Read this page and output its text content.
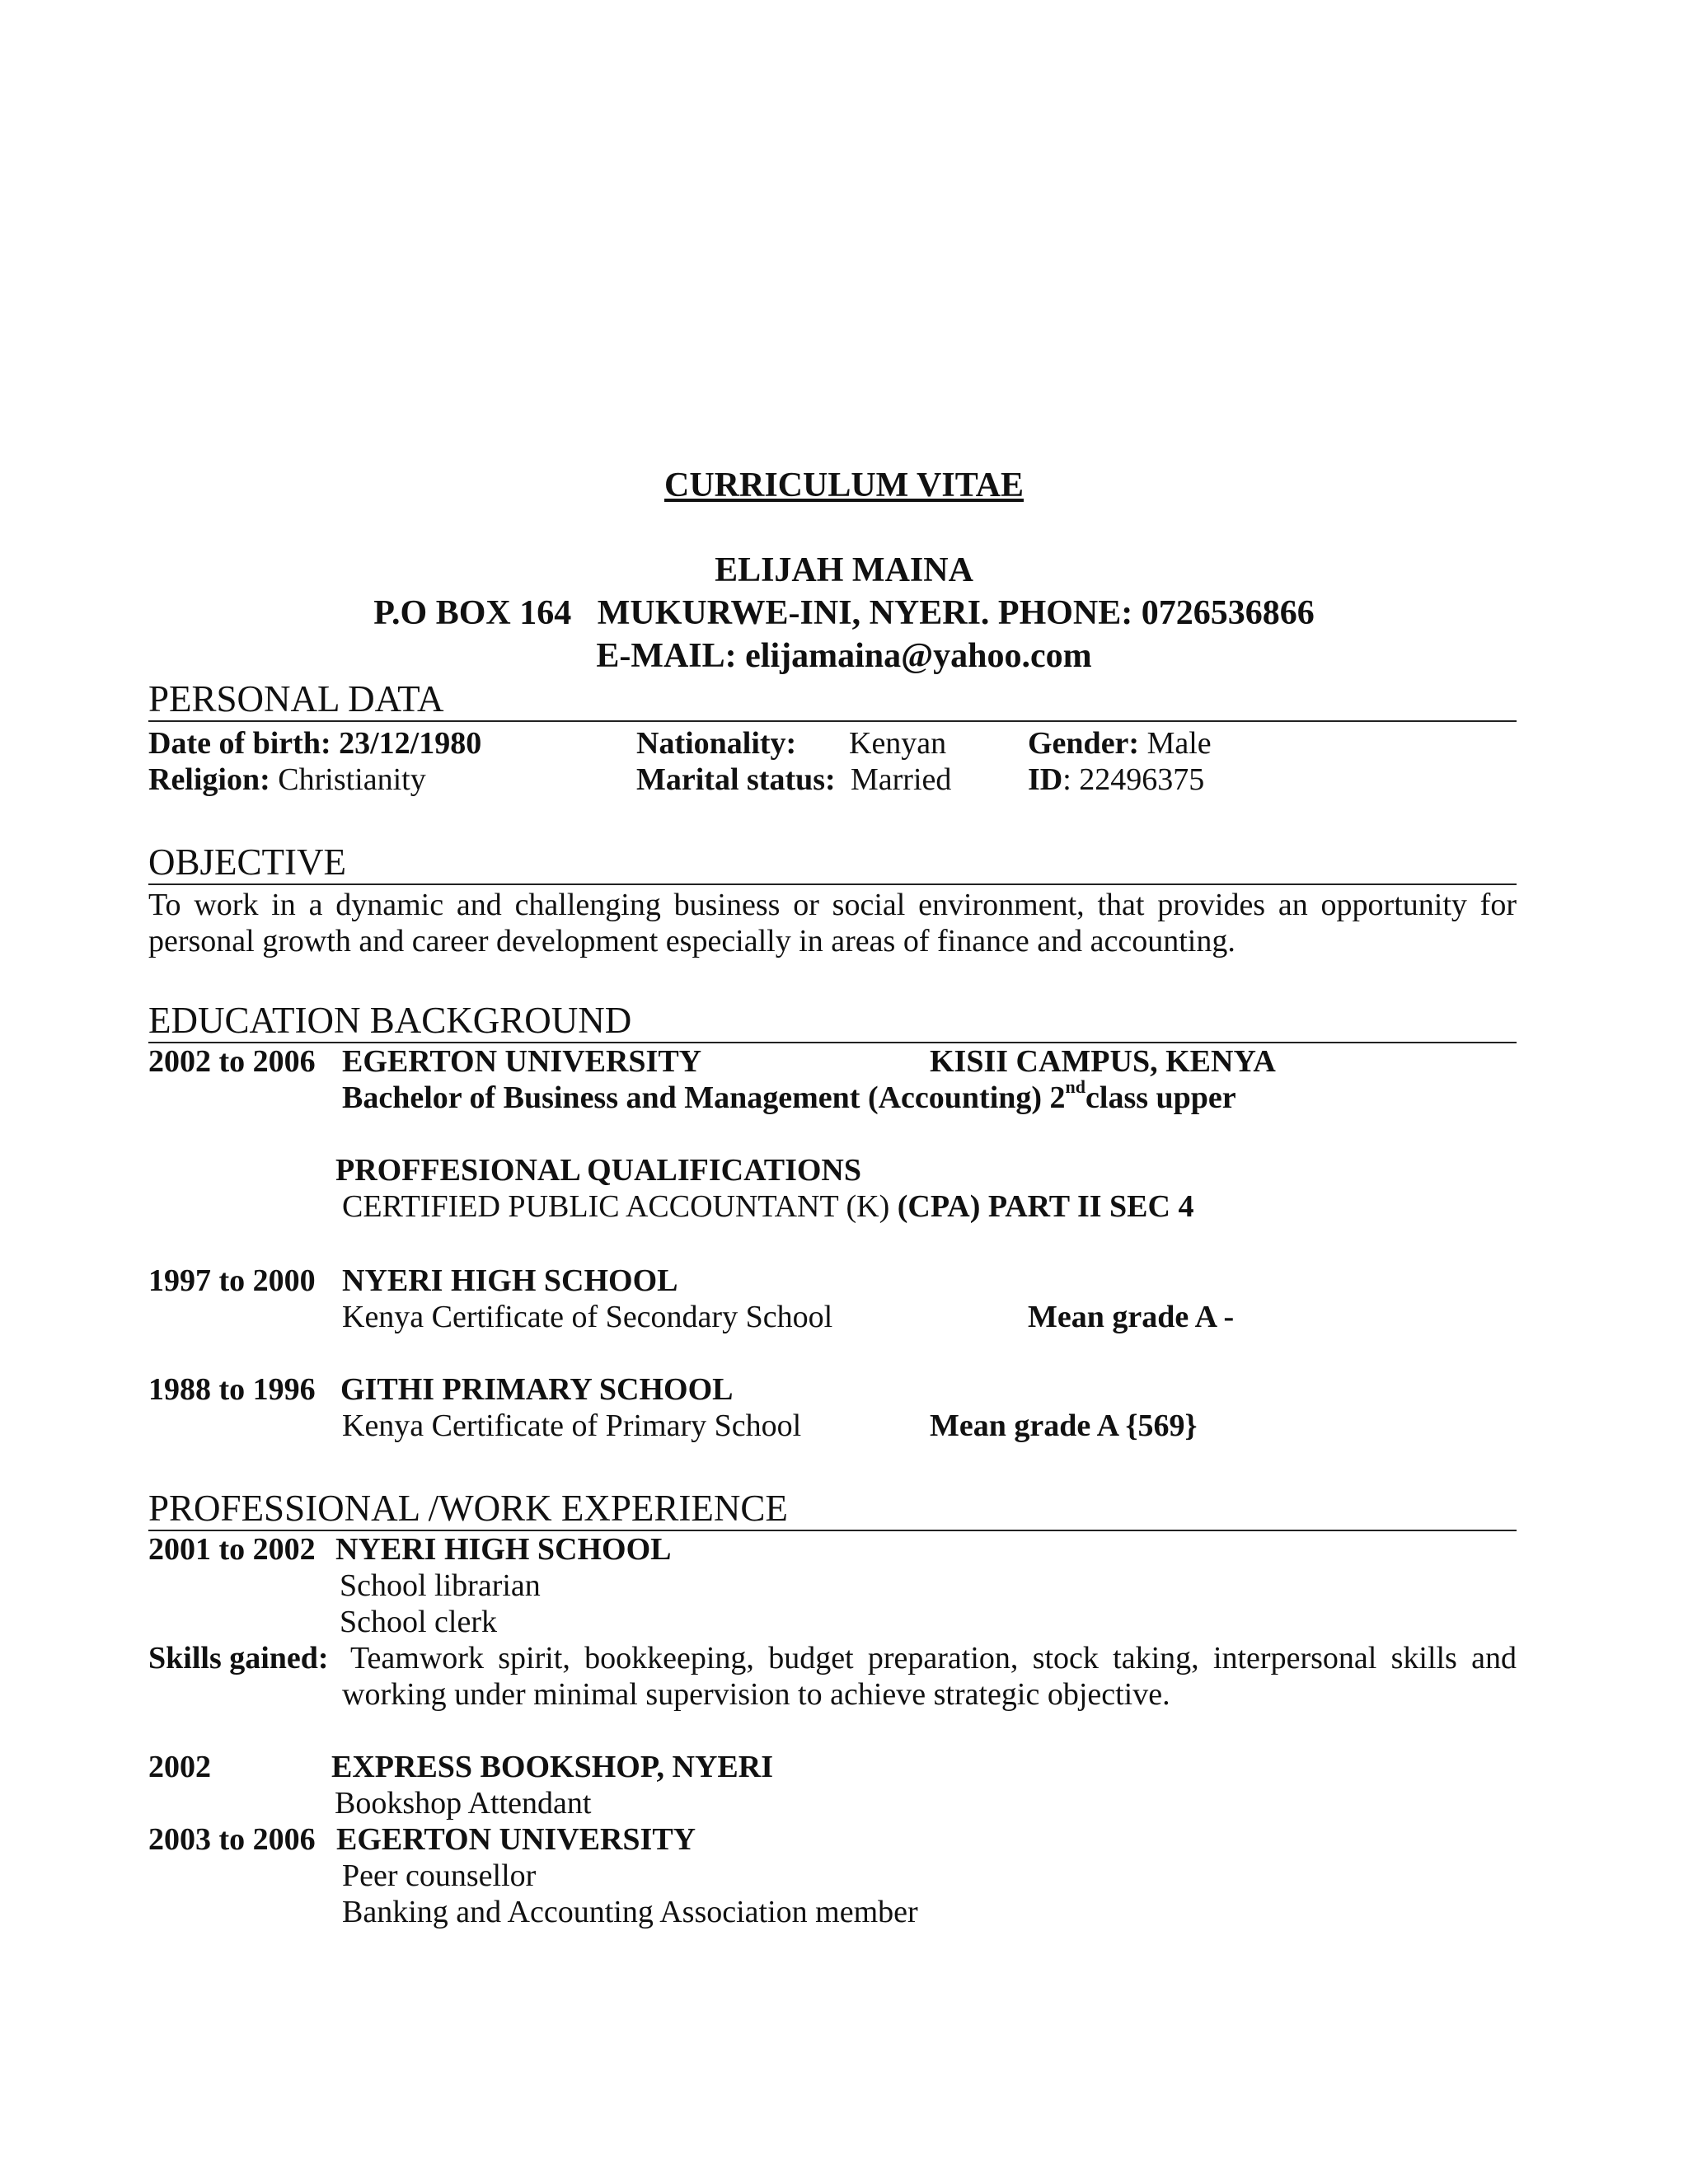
CURRICULUM VITAE
ELIJAH MAINA
P.O BOX 164   MUKURWE-INI, NYERI. PHONE: 0726536866
E-MAIL: elijamaina@yahoo.com
PERSONAL DATA
Date of birth: 23/12/1980	Nationality: Kenyan	Gender: Male
Religion: Christianity	Marital status: Married ID: 22496375
OBJECTIVE
To work in a dynamic and challenging business or social environment, that provides an opportunity for
personal growth and career development especially in areas of finance and accounting.
EDUCATION BACKGROUND
2002 to 2006 EGERTON UNIVERSITY	KISII CAMPUS, KENYA
Bachelor of Business and Management (Accounting) 2ndclass upper
PROFFESIONAL QUALIFICATIONS
CERTIFIED PUBLIC ACCOUNTANT (K) (CPA) PART II SEC 4
1997 to 2000 NYERI HIGH SCHOOL
Kenya Certificate of Secondary School	Mean grade A -
1988 to 1996 GITHI PRIMARY SCHOOL
Kenya Certificate of Primary School	Mean grade A {569}
PROFESSIONAL /WORK EXPERIENCE
2001 to 2002 NYERI HIGH SCHOOL
School librarian
School clerk
Skills gained: Teamwork spirit, bookkeeping, budget preparation, stock taking, interpersonal skills and
working under minimal supervision to achieve strategic objective.
2002	EXPRESS BOOKSHOP, NYERI
Bookshop Attendant
2003 to 2006 EGERTON UNIVERSITY
Peer counsellor
Banking and Accounting Association member
